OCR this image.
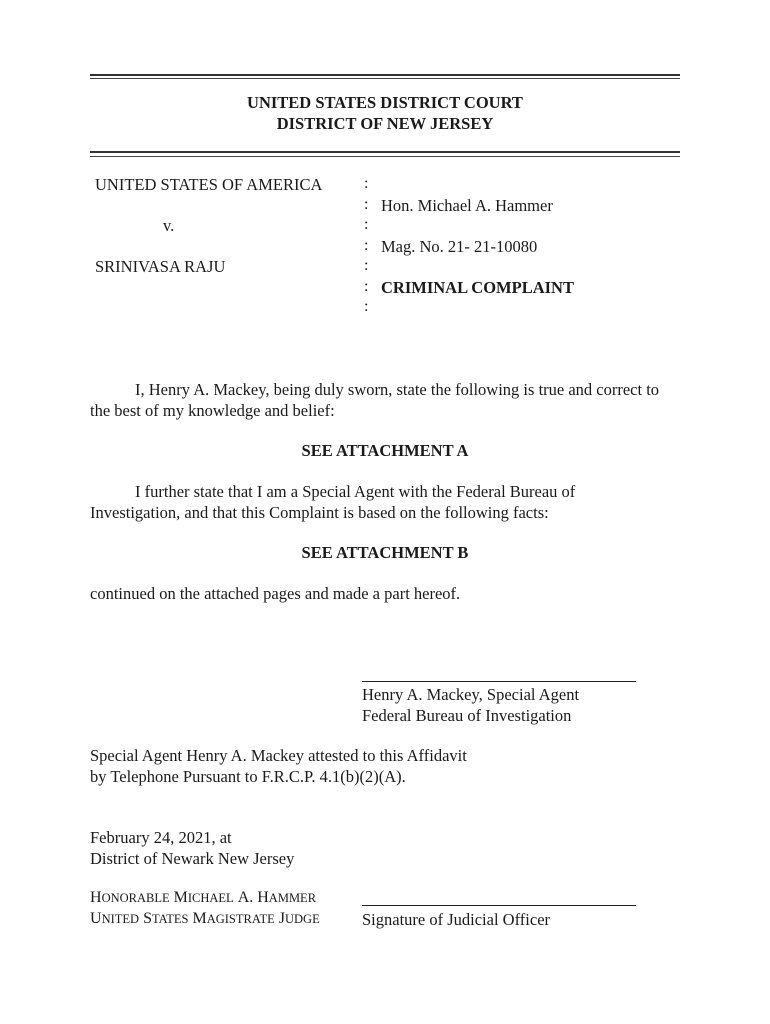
UNITED STATES DISTRICT COURT
DISTRICT OF NEW JERSEY
UNITED STATES OF AMERICA
v.
SRINIVASA RAJU
:
:
:
:
:
:
:
Hon. Michael A. Hammer
Mag. No. 21- 21-10080
CRIMINAL COMPLAINT
I, Henry A. Mackey, being duly sworn, state the following is true and correct to
the best of my knowledge and belief:
SEE ATTACHMENT A
I further state that I am a Special Agent with the Federal Bureau of
Investigation, and that this Complaint is based on the following facts:
SEE ATTACHMENT B
continued on the attached pages and made a part hereof.
Henry A. Mackey, Special Agent
Federal Bureau of Investigation
Special Agent Henry A. Mackey attested to this Affidavit
by Telephone Pursuant to F.R.C.P. 4.1(b)(2)(A).
February 24, 2021, at
District of Newark New Jersey
HONORABLE MICHAEL A. HAMMER
UNITED STATES MAGISTRATE JUDGE	Signature of Judicial Officer
